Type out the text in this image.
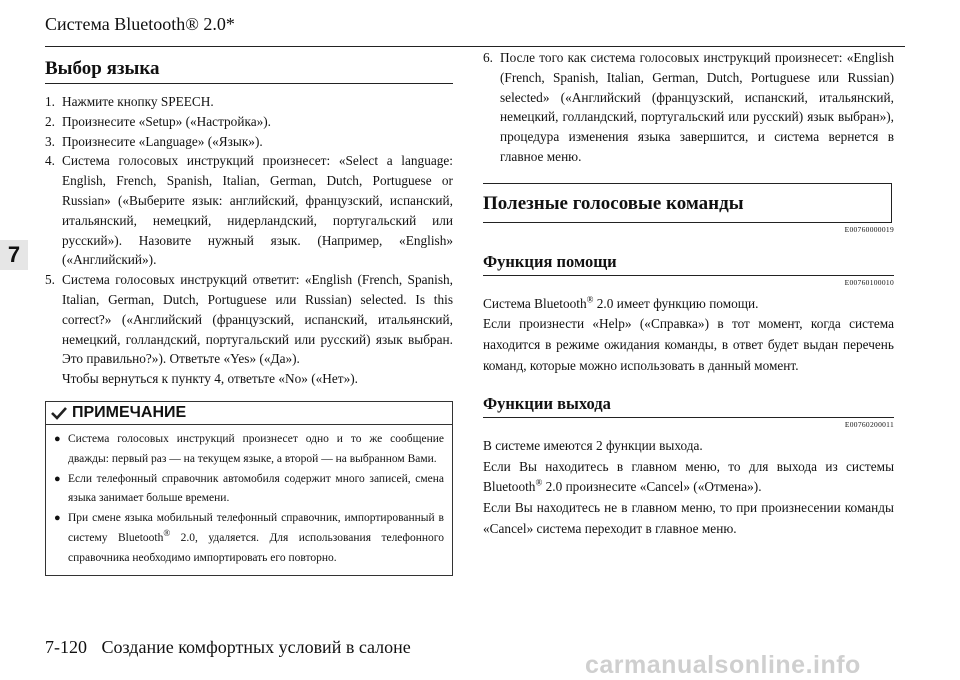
Система Bluetooth® 2.0*
7
Выбор языка
1. Нажмите кнопку SPEECH.

2. Произнесите «Setup» («Настройка»).

3. Произнесите «Language» («Язык»).

4. Система голосовых инструкций произнесет: «Select a language: English, French, Spanish, Italian, German, Dutch, Portuguese or Russian» («Выберите язык: английский, французский, испанский, итальянский, немецкий, нидерландский, португальский или русский»). Назовите нужный язык. (Например, «English» («Английский»).

5. Система голосовых инструкций ответит: «English (French, Spanish, Italian, German, Dutch, Portuguese или Russian) selected. Is this correct?» («Английский (французский, испанский, итальянский, немецкий, голландский, португальский или русский) язык выбран. Это правильно?»). Ответьте «Yes» («Да»).

Чтобы вернуться к пункту 4, ответьте «No» («Нет»).

ПРИМЕЧАНИЕ
● Система голосовых инструкций произнесет одно и то же сообщение дважды: первый раз — на текущем языке, а второй — на выбранном Вами.
● Если телефонный справочник автомобиля содержит много записей, смена языка занимает больше времени.
● При смене языка мобильный телефонный справочник, импортированный в систему Bluetooth® 2.0, удаляется. Для использования телефонного справочника необходимо импортировать его повторно.
6. После того как система голосовых инструкций произнесет: «English (French, Spanish, Italian, German, Dutch, Portuguese или Russian) selected» («Английский (французский, испанский, итальянский, немецкий, голландский, португальский или русский) язык выбран»), процедура изменения языка завершится, и система вернется в главное меню.
Полезные голосовые команды
E00760000019
Функция помощи
E00760100010

Система Bluetooth® 2.0 имеет функцию помощи.

Если произнести «Help» («Справка») в тот момент, когда система находится в режиме ожидания команды, в ответ будет выдан перечень команд, которые можно использовать в данный момент.

Функции выхода
E00760200011

В системе имеются 2 функции выхода.

Если Вы находитесь в главном меню, то для выхода из системы Bluetooth® 2.0 произнесите «Cancel» («Отмена»).

Если Вы находитесь не в главном меню, то при произнесении команды «Cancel» система переходит в главное меню.

7-120 Создание комфортных условий в салоне
carmanualsonline.info
